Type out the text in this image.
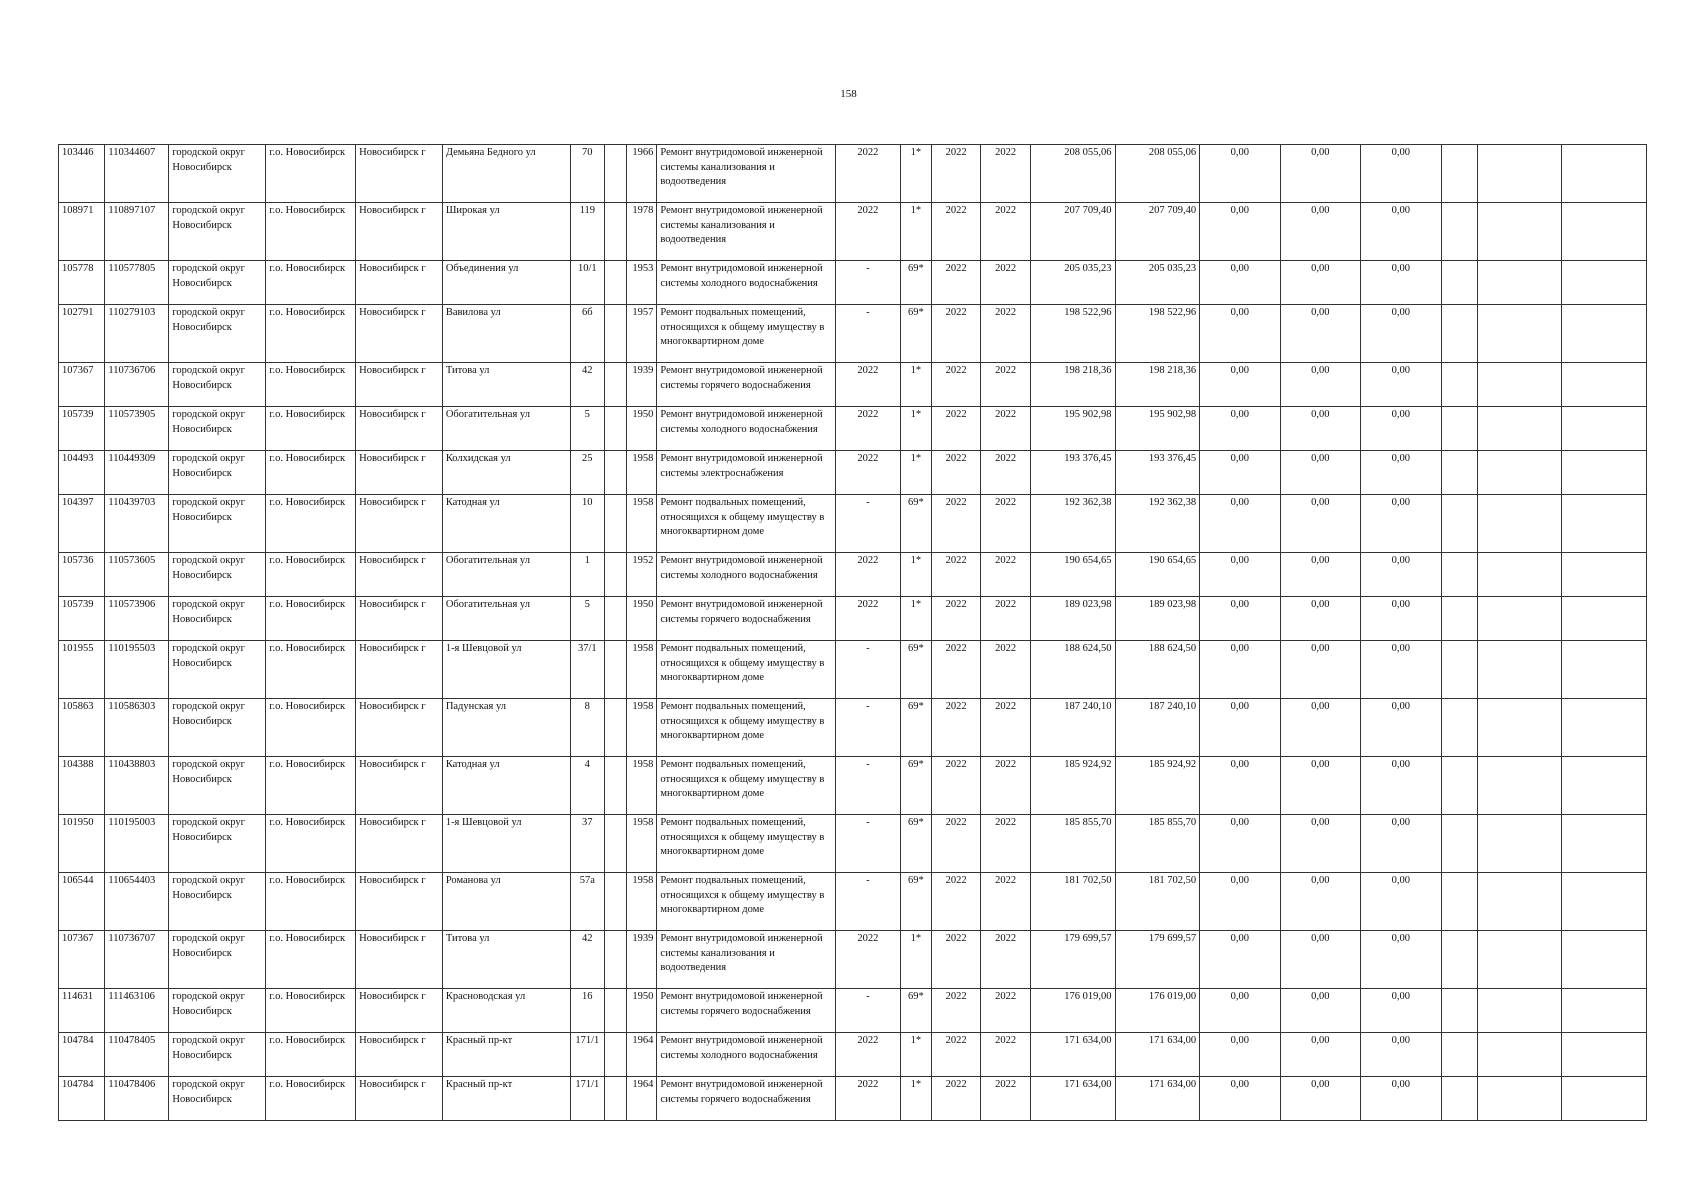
158
103446	110344607	городской округ Новосибирск	г.о. Новосибирск	Новосибирск г	Демьяна Бедного ул	70		1966	Ремонт внутридомовой инженерной системы канализования и водоотведения	2022	1*	2022	2022	208 055,06	208 055,06	0,00	0,00	0,00			
108971	110897107	городской округ Новосибирск	г.о. Новосибирск	Новосибирск г	Широкая ул	119		1978	Ремонт внутридомовой инженерной системы канализования и водоотведения	2022	1*	2022	2022	207 709,40	207 709,40	0,00	0,00	0,00			
105778	110577805	городской округ Новосибирск	г.о. Новосибирск	Новосибирск г	Объединения ул	10/1		1953	Ремонт внутридомовой инженерной системы холодного водоснабжения	-	69*	2022	2022	205 035,23	205 035,23	0,00	0,00	0,00			
102791	110279103	городской округ Новосибирск	г.о. Новосибирск	Новосибирск г	Вавилова ул	6б		1957	Ремонт подвальных помещений, относящихся к общему имуществу в многоквартирном доме	-	69*	2022	2022	198 522,96	198 522,96	0,00	0,00	0,00			
107367	110736706	городской округ Новосибирск	г.о. Новосибирск	Новосибирск г	Титова ул	42		1939	Ремонт внутридомовой инженерной системы горячего водоснабжения	2022	1*	2022	2022	198 218,36	198 218,36	0,00	0,00	0,00			
105739	110573905	городской округ Новосибирск	г.о. Новосибирск	Новосибирск г	Обогатительная ул	5		1950	Ремонт внутридомовой инженерной системы холодного водоснабжения	2022	1*	2022	2022	195 902,98	195 902,98	0,00	0,00	0,00			
104493	110449309	городской округ Новосибирск	г.о. Новосибирск	Новосибирск г	Колхидская ул	25		1958	Ремонт внутридомовой инженерной системы электроснабжения	2022	1*	2022	2022	193 376,45	193 376,45	0,00	0,00	0,00			
104397	110439703	городской округ Новосибирск	г.о. Новосибирск	Новосибирск г	Катодная ул	10		1958	Ремонт подвальных помещений, относящихся к общему имуществу в многоквартирном доме	-	69*	2022	2022	192 362,38	192 362,38	0,00	0,00	0,00			
105736	110573605	городской округ Новосибирск	г.о. Новосибирск	Новосибирск г	Обогатительная ул	1		1952	Ремонт внутридомовой инженерной системы холодного водоснабжения	2022	1*	2022	2022	190 654,65	190 654,65	0,00	0,00	0,00			
105739	110573906	городской округ Новосибирск	г.о. Новосибирск	Новосибирск г	Обогатительная ул	5		1950	Ремонт внутридомовой инженерной системы горячего водоснабжения	2022	1*	2022	2022	189 023,98	189 023,98	0,00	0,00	0,00			
101955	110195503	городской округ Новосибирск	г.о. Новосибирск	Новосибирск г	1-я Шевцовой ул	37/1		1958	Ремонт подвальных помещений, относящихся к общему имуществу в многоквартирном доме	-	69*	2022	2022	188 624,50	188 624,50	0,00	0,00	0,00			
105863	110586303	городской округ Новосибирск	г.о. Новосибирск	Новосибирск г	Падунская ул	8		1958	Ремонт подвальных помещений, относящихся к общему имуществу в многоквартирном доме	-	69*	2022	2022	187 240,10	187 240,10	0,00	0,00	0,00			
104388	110438803	городской округ Новосибирск	г.о. Новосибирск	Новосибирск г	Катодная ул	4		1958	Ремонт подвальных помещений, относящихся к общему имуществу в многоквартирном доме	-	69*	2022	2022	185 924,92	185 924,92	0,00	0,00	0,00			
101950	110195003	городской округ Новосибирск	г.о. Новосибирск	Новосибирск г	1-я Шевцовой ул	37		1958	Ремонт подвальных помещений, относящихся к общему имуществу в многоквартирном доме	-	69*	2022	2022	185 855,70	185 855,70	0,00	0,00	0,00			
106544	110654403	городской округ Новосибирск	г.о. Новосибирск	Новосибирск г	Романова ул	57а		1958	Ремонт подвальных помещений, относящихся к общему имуществу в многоквартирном доме	-	69*	2022	2022	181 702,50	181 702,50	0,00	0,00	0,00			
107367	110736707	городской округ Новосибирск	г.о. Новосибирск	Новосибирск г	Титова ул	42		1939	Ремонт внутридомовой инженерной системы канализования и водоотведения	2022	1*	2022	2022	179 699,57	179 699,57	0,00	0,00	0,00			
114631	111463106	городской округ Новосибирск	г.о. Новосибирск	Новосибирск г	Красноводская ул	16		1950	Ремонт внутридомовой инженерной системы горячего водоснабжения	-	69*	2022	2022	176 019,00	176 019,00	0,00	0,00	0,00			
104784	110478405	городской округ Новосибирск	г.о. Новосибирск	Новосибирск г	Красный пр-кт	171/1		1964	Ремонт внутридомовой инженерной системы холодного водоснабжения	2022	1*	2022	2022	171 634,00	171 634,00	0,00	0,00	0,00			
104784	110478406	городской округ Новосибирск	г.о. Новосибирск	Новосибирск г	Красный пр-кт	171/1		1964	Ремонт внутридомовой инженерной системы горячего водоснабжения	2022	1*	2022	2022	171 634,00	171 634,00	0,00	0,00	0,00			
